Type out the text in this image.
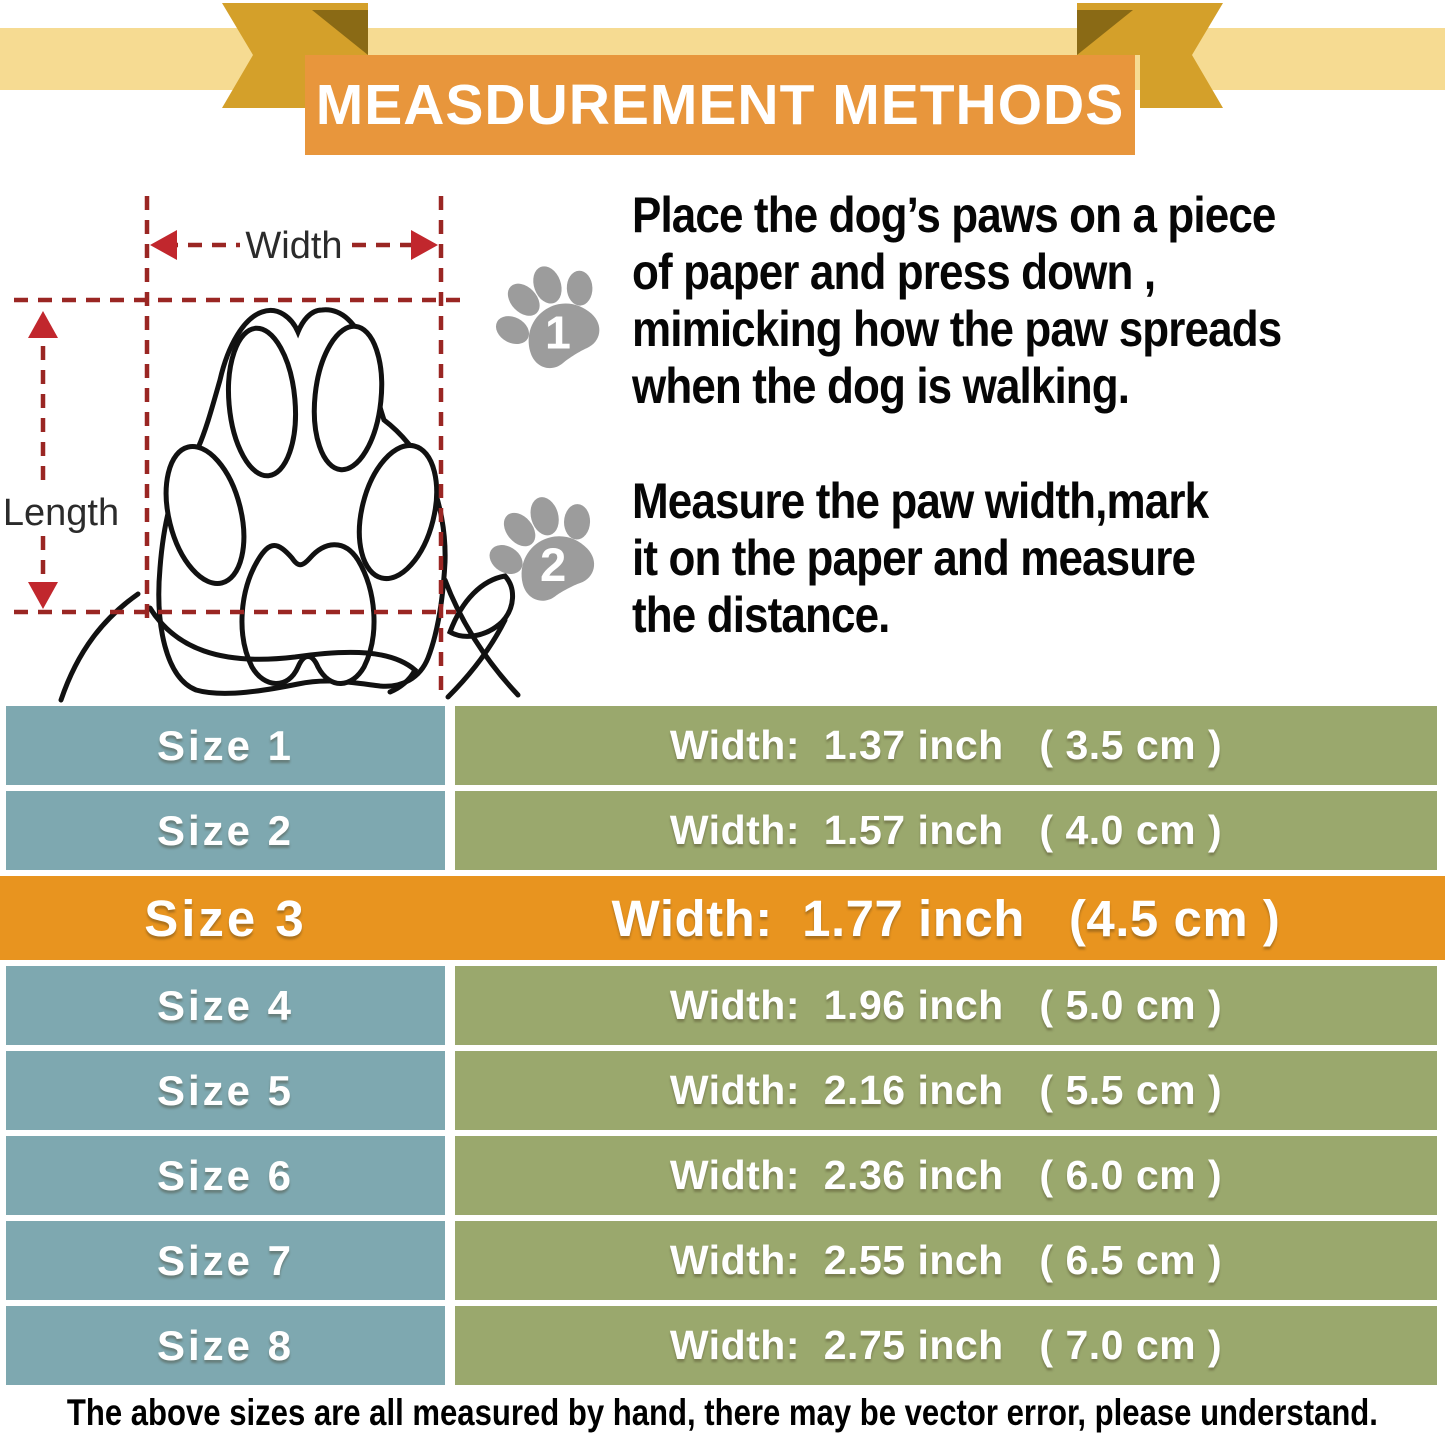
MEASDUREMENT METHODS
Width
Length
1
2
Place the dog’s paws on a piece
of paper and press down ,
mimicking how the paw spreads
when the dog is walking.
Measure the paw width,mark
it on the paper and measure
the distance.
Size 1	Width:  1.37 inch   ( 3.5 cm )
Size 2	Width:  1.57 inch   ( 4.0 cm )
Size 3	Width:  1.77 inch   (4.5 cm )
Size 4	Width:  1.96 inch   ( 5.0 cm )
Size 5	Width:  2.16 inch   ( 5.5 cm )
Size 6	Width:  2.36 inch   ( 6.0 cm )
Size 7	Width:  2.55 inch   ( 6.5 cm )
Size 8	Width:  2.75 inch   ( 7.0 cm )
The above sizes are all measured by hand, there may be vector error, please understand.
